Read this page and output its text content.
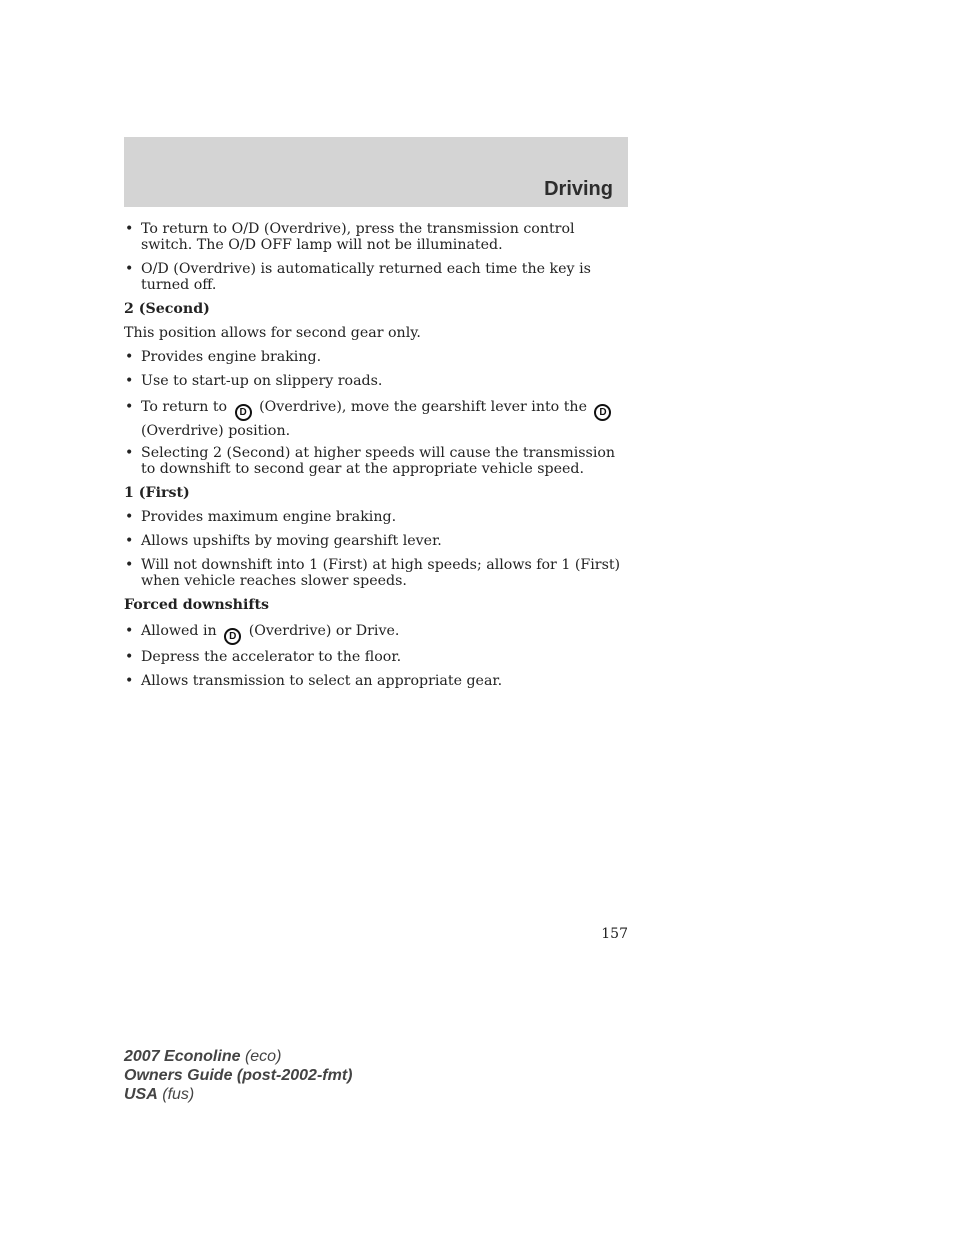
Driving
• To return to O/D (Overdrive), press the transmission control switch. The O/D OFF lamp will not be illuminated.
• O/D (Overdrive) is automatically returned each time the key is turned off.
2 (Second)
This position allows for second gear only.
• Provides engine braking.
• Use to start-up on slippery roads.
• To return to D (Overdrive), move the gearshift lever into the D (Overdrive) position.
• Selecting 2 (Second) at higher speeds will cause the transmission to downshift to second gear at the appropriate vehicle speed.
1 (First)
• Provides maximum engine braking.
• Allows upshifts by moving gearshift lever.
• Will not downshift into 1 (First) at high speeds; allows for 1 (First) when vehicle reaches slower speeds.
Forced downshifts
• Allowed in D (Overdrive) or Drive.
• Depress the accelerator to the floor.
• Allows transmission to select an appropriate gear.
157
2007 Econoline (eco)
Owners Guide (post-2002-fmt)
USA (fus)
